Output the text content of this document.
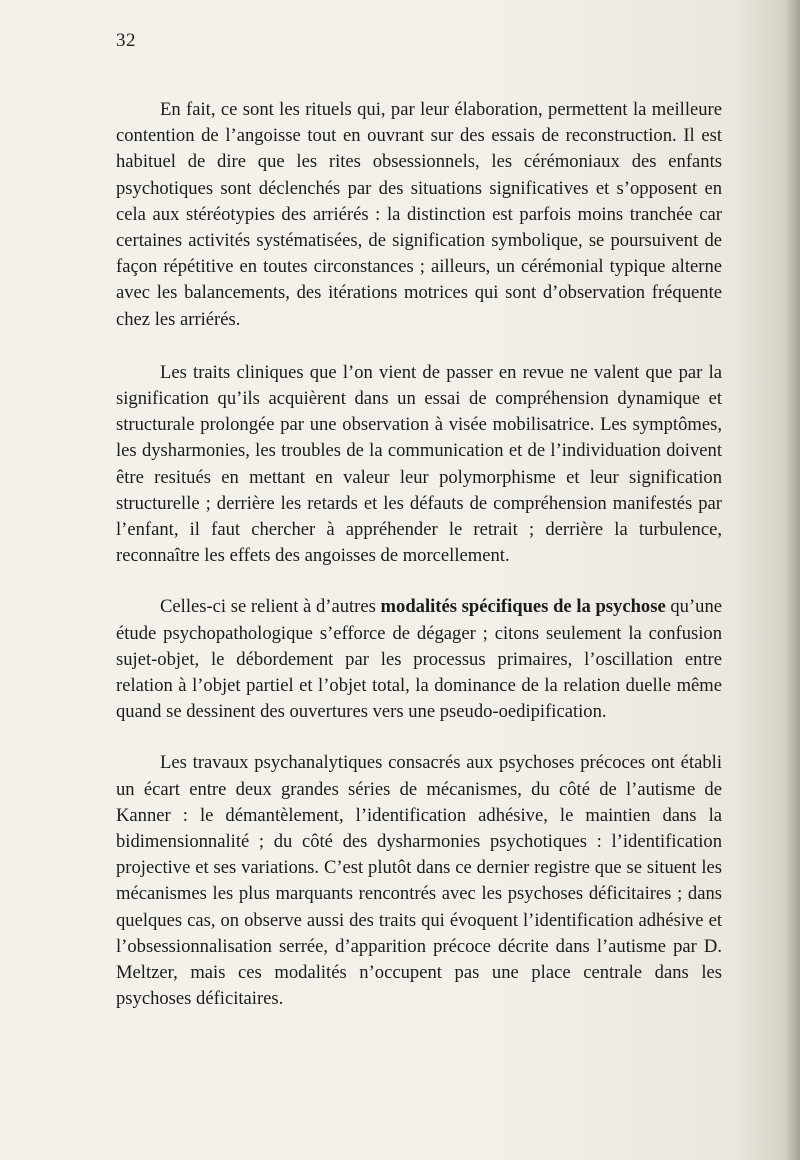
32

En fait, ce sont les rituels qui, par leur élaboration, permettent la meilleure contention de l’angoisse tout en ouvrant sur des essais de reconstruction. Il est habituel de dire que les rites obsessionnels, les cérémoniaux des enfants psychotiques sont déclenchés par des situations significatives et s’opposent en cela aux stéréotypies des arriérés : la distinction est parfois moins tranchée car certaines activités systématisées, de signification symbolique, se poursuivent de façon répétitive en toutes circonstances ; ailleurs, un cérémonial typique alterne avec les balancements, des itérations motrices qui sont d’observation fréquente chez les arriérés.

Les traits cliniques que l’on vient de passer en revue ne valent que par la signification qu’ils acquièrent dans un essai de compréhension dynamique et structurale prolongée par une observation à visée mobilisatrice. Les symptômes, les dysharmonies, les troubles de la communication et de l’individuation doivent être resitués en mettant en valeur leur polymorphisme et leur signification structurelle ; derrière les retards et les défauts de compréhension manifestés par l’enfant, il faut chercher à appréhender le retrait ; derrière la turbulence, reconnaître les effets des angoisses de morcellement.

Celles-ci se relient à d’autres modalités spécifiques de la psychose qu’une étude psychopathologique s’efforce de dégager ; citons seulement la confusion sujet-objet, le débordement par les processus primaires, l’oscillation entre relation à l’objet partiel et l’objet total, la dominance de la relation duelle même quand se dessinent des ouvertures vers une pseudo-oedipification.

Les travaux psychanalytiques consacrés aux psychoses précoces ont établi un écart entre deux grandes séries de mécanismes, du côté de l’autisme de Kanner : le démantèlement, l’identification adhésive, le maintien dans la bidimensionnalité ; du côté des dysharmonies psychotiques : l’identification projective et ses variations. C’est plutôt dans ce dernier registre que se situent les mécanismes les plus marquants rencontrés avec les psychoses déficitaires ; dans quelques cas, on observe aussi des traits qui évoquent l’identification adhésive et l’obsessionnalisation serrée, d’apparition précoce décrite dans l’autisme par D. Meltzer, mais ces modalités n’occupent pas une place centrale dans les psychoses déficitaires.
